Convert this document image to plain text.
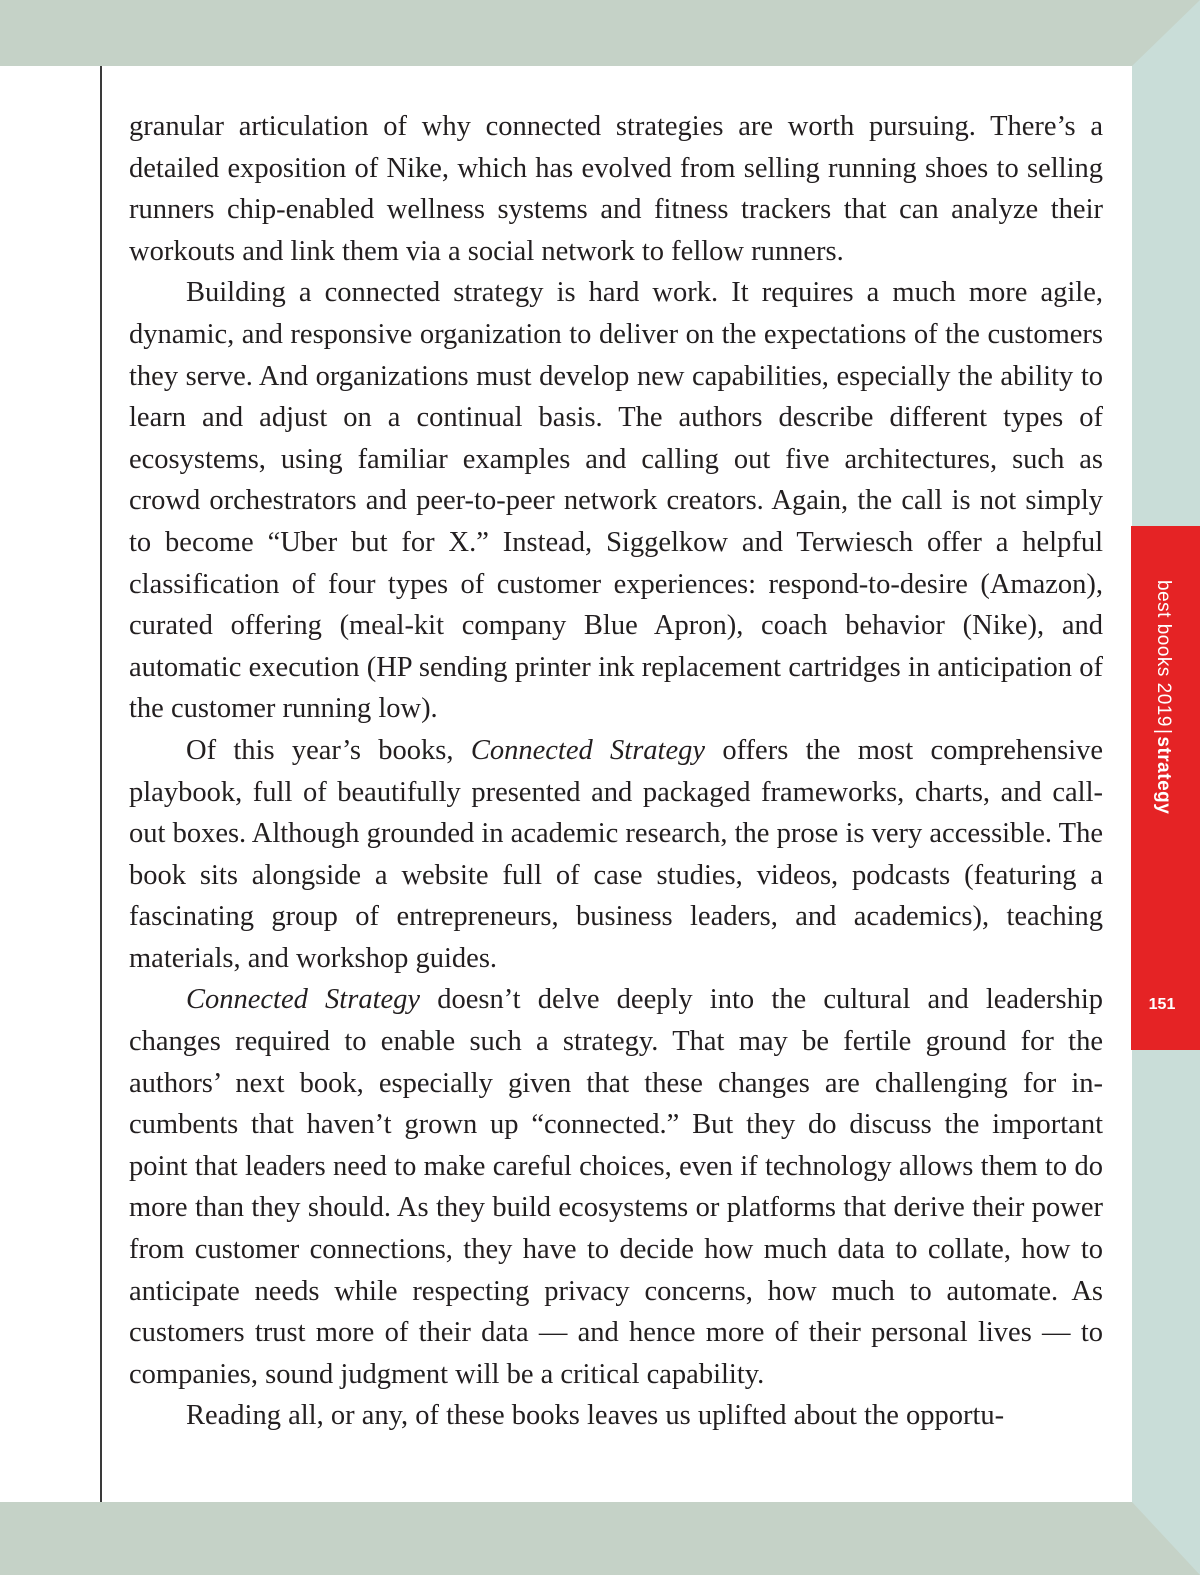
granular articulation of why connected strategies are worth pursuing. There’s a detailed exposition of Nike, which has evolved from selling running shoes to selling runners chip-enabled wellness systems and fitness trackers that can analyze their workouts and link them via a social network to fellow runners.

Building a connected strategy is hard work. It requires a much more agile, dynamic, and responsive organization to deliver on the expectations of the customers they serve. And organizations must develop new capabilities, especially the ability to learn and adjust on a continual basis. The authors describe different types of ecosystems, using familiar examples and calling out five architectures, such as crowd orchestrators and peer-to-peer network creators. Again, the call is not simply to become “Uber but for X.” Instead, Siggelkow and Terwiesch offer a helpful classification of four types of customer experiences: respond-to-desire (Amazon), curated offering (meal-kit company Blue Apron), coach behavior (Nike), and automatic execution (HP sending printer ink replacement cartridges in anticipation of the customer running low).

Of this year’s books, Connected Strategy offers the most comprehensive playbook, full of beautifully presented and packaged frameworks, charts, and call-out boxes. Although grounded in academic research, the prose is very accessible. The book sits alongside a website full of case studies, videos, podcasts (featuring a fascinating group of entrepreneurs, business leaders, and academics), teaching materials, and workshop guides.

Connected Strategy doesn’t delve deeply into the cultural and leadership changes required to enable such a strategy. That may be fertile ground for the authors’ next book, especially given that these changes are challenging for incumbents that haven’t grown up “connected.” But they do discuss the important point that leaders need to make careful choices, even if technology allows them to do more than they should. As they build ecosystems or platforms that derive their power from customer connections, they have to decide how much data to collate, how to anticipate needs while respecting privacy concerns, how much to automate. As customers trust more of their data — and hence more of their personal lives — to companies, sound judgment will be a critical capability.

Reading all, or any, of these books leaves us uplifted about the opportu-

best books 2019|strategy
151
